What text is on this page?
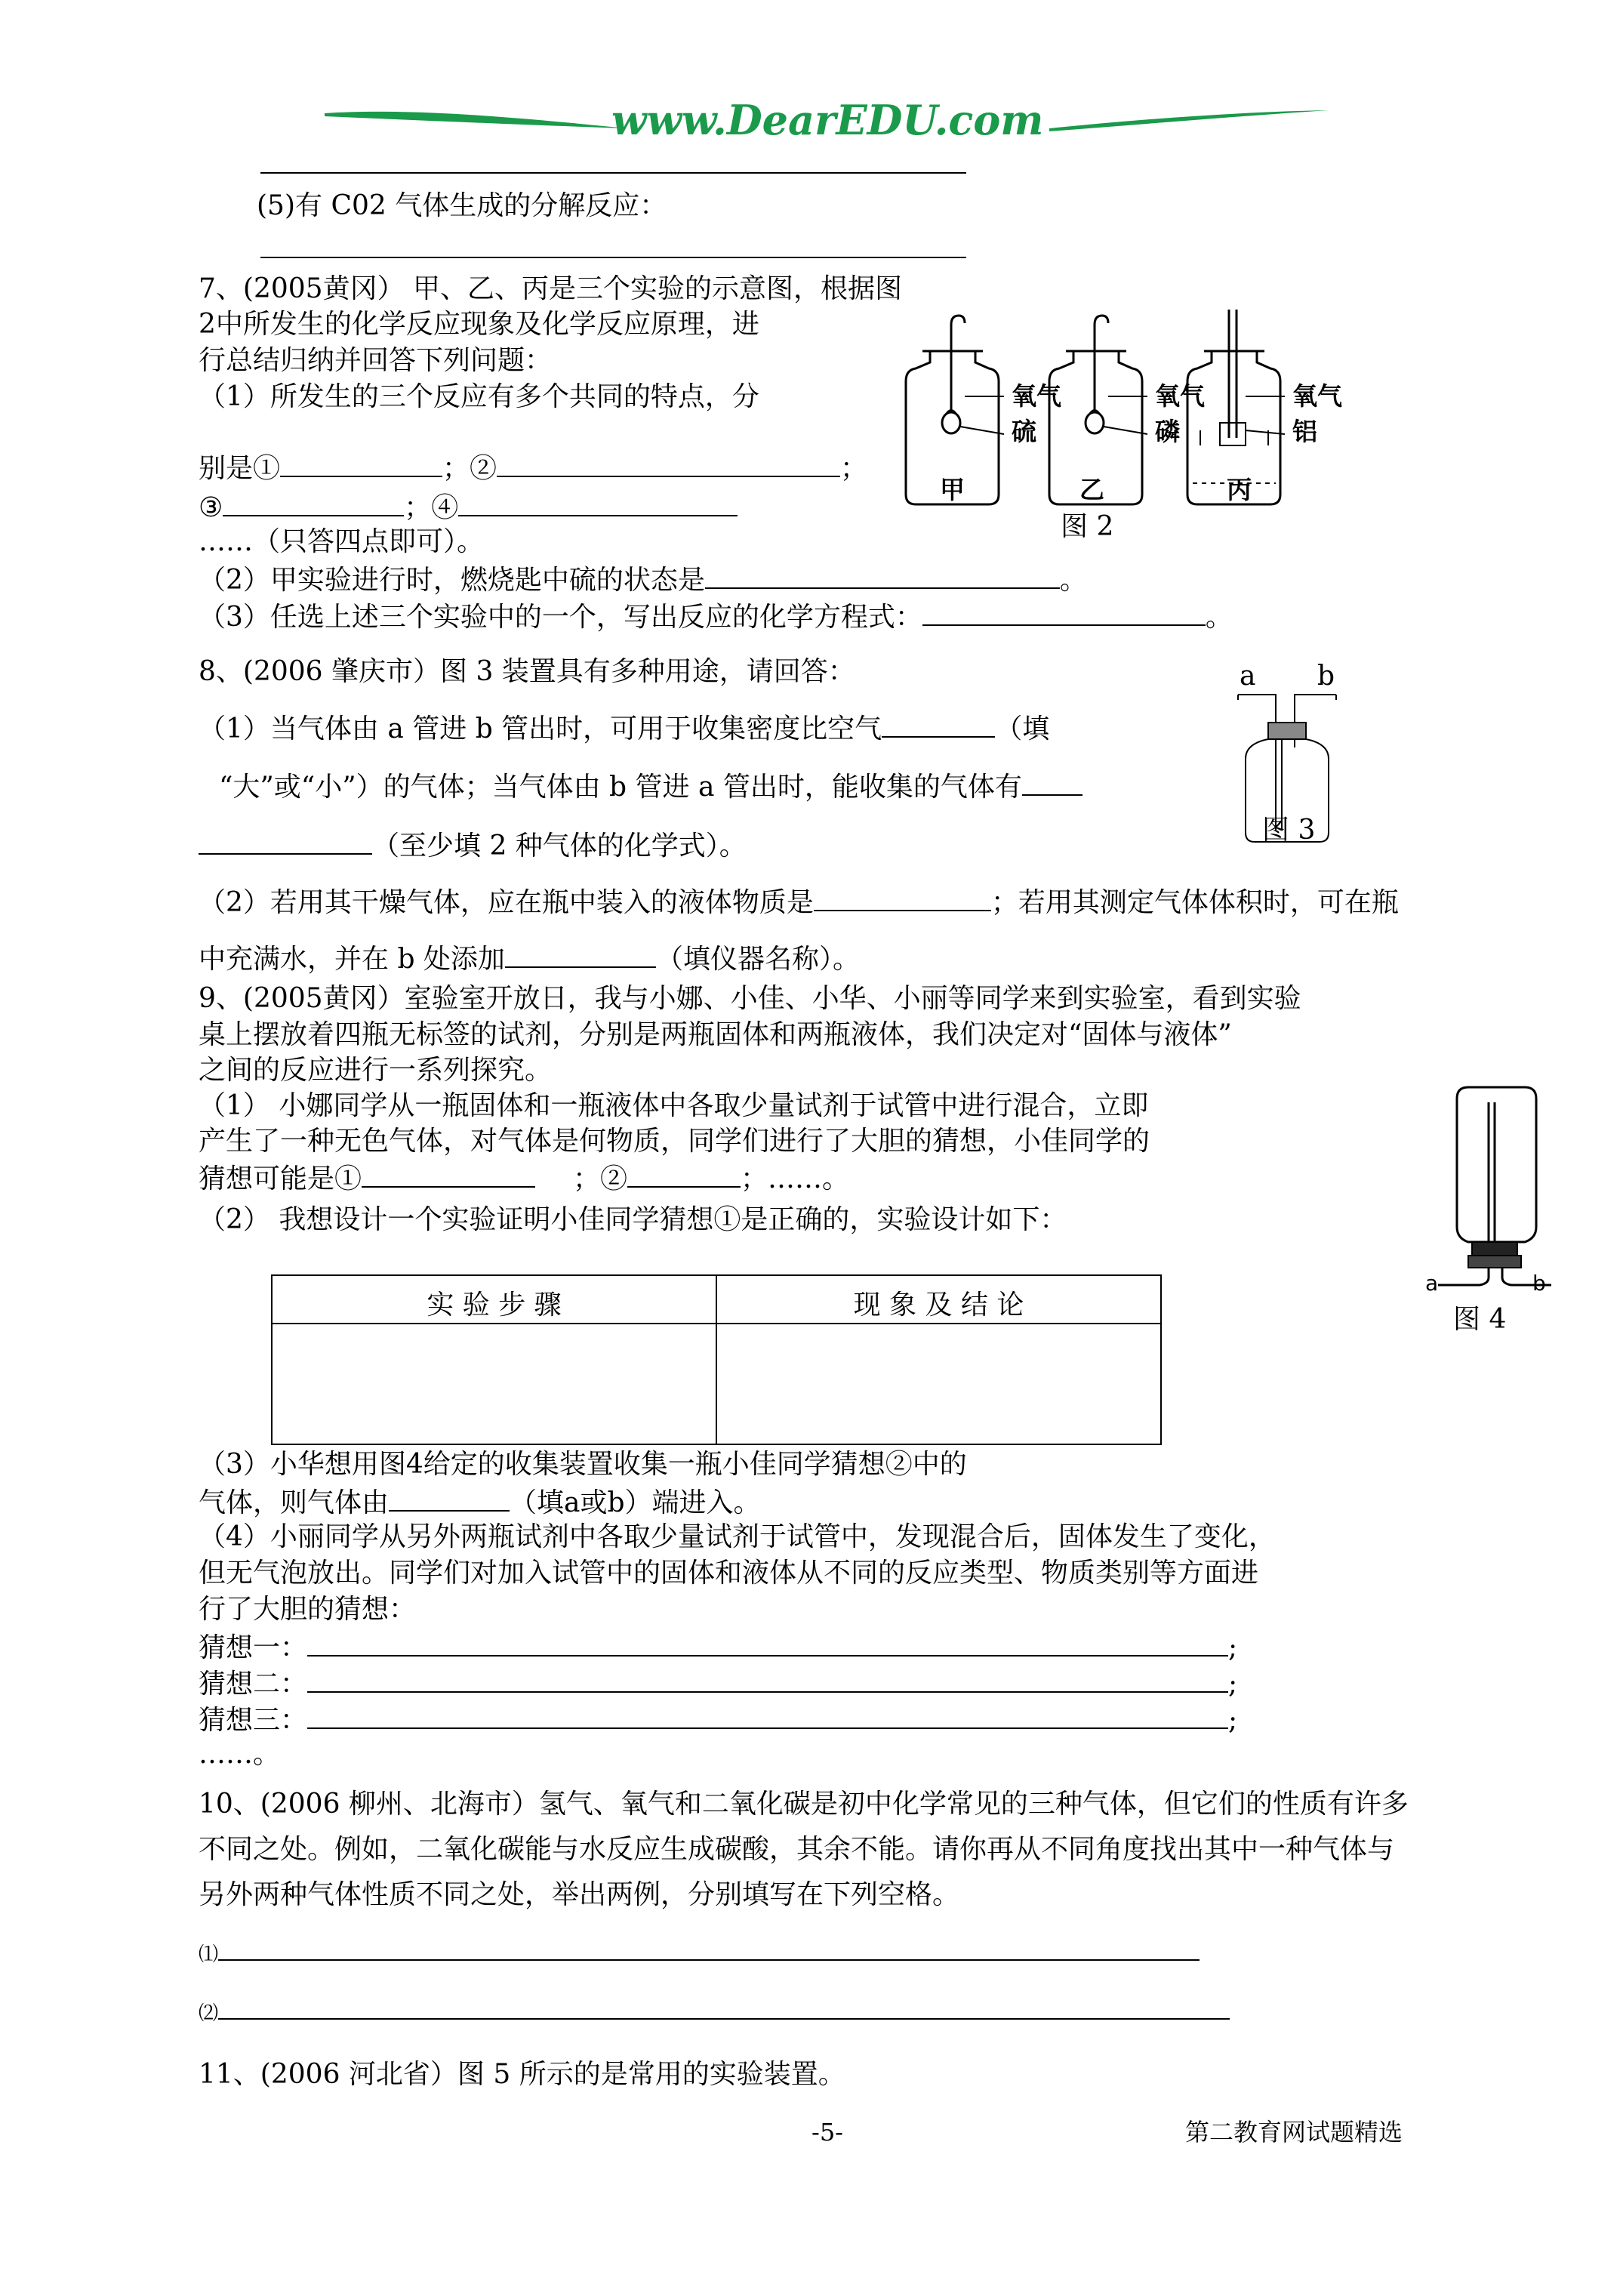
www.DearEDU.com
(5)有 C02 气体生成的分解反应：
7、(2005黄冈） 甲、乙、丙是三个实验的示意图，根据图
2中所发生的化学反应现象及化学反应原理，进
行总结归纳并回答下列问题：
（1）所发生的三个反应有多个共同的特点，分
别是①	；②	；
③	；④
……（只答四点即可）。
（2）甲实验进行时，燃烧匙中硫的状态是	。
（3）任选上述三个实验中的一个，写出反应的化学方程式：	。
氧气
硫
氧气
磷
氧气
铝
甲	乙	丙
图 2
8、(2006 肇庆市）图 3 装置具有多种用途，请回答：
（1）当气体由 a 管进 b 管出时，可用于收集密度比空气	（填
“大”或“小”）的气体；当气体由 b 管进 a 管出时，能收集的气体有
（至少填 2 种气体的化学式）。
（2）若用其干燥气体，应在瓶中装入的液体物质是	；若用其测定气体体积时，可在瓶
中充满水，并在 b 处添加	（填仪器名称）。
a b
图 3
9、(2005黄冈）室验室开放日，我与小娜、小佳、小华、小丽等同学来到实验室，看到实验
桌上摆放着四瓶无标签的试剂，分别是两瓶固体和两瓶液体，我们决定对“固体与液体”
之间的反应进行一系列探究。
（1） 小娜同学从一瓶固体和一瓶液体中各取少量试剂于试管中进行混合，立即
产生了一种无色气体，对气体是何物质，同学们进行了大胆的猜想，小佳同学的
猜想可能是①	；②	；……。
（2） 我想设计一个实验证明小佳同学猜想①是正确的，实验设计如下：
实 验 步 骤	现 象 及 结 论

a	b
图 4
（3）小华想用图4给定的收集装置收集一瓶小佳同学猜想②中的
气体，则气体由	（填a或b）端进入。
（4）小丽同学从另外两瓶试剂中各取少量试剂于试管中，发现混合后，固体发生了变化，
但无气泡放出。同学们对加入试管中的固体和液体从不同的反应类型、物质类别等方面进
行了大胆的猜想：
猜想一：	;
猜想二：	;
猜想三：	;
……。
10、(2006 柳州、北海市）氢气、氧气和二氧化碳是初中化学常见的三种气体，但它们的性质有许多
不同之处。例如，二氧化碳能与水反应生成碳酸，其余不能。请你再从不同角度找出其中一种气体与
另外两种气体性质不同之处，举出两例，分别填写在下列空格。
⑴
⑵
11、(2006 河北省）图 5 所示的是常用的实验装置。
-5-	第二教育网试题精选
